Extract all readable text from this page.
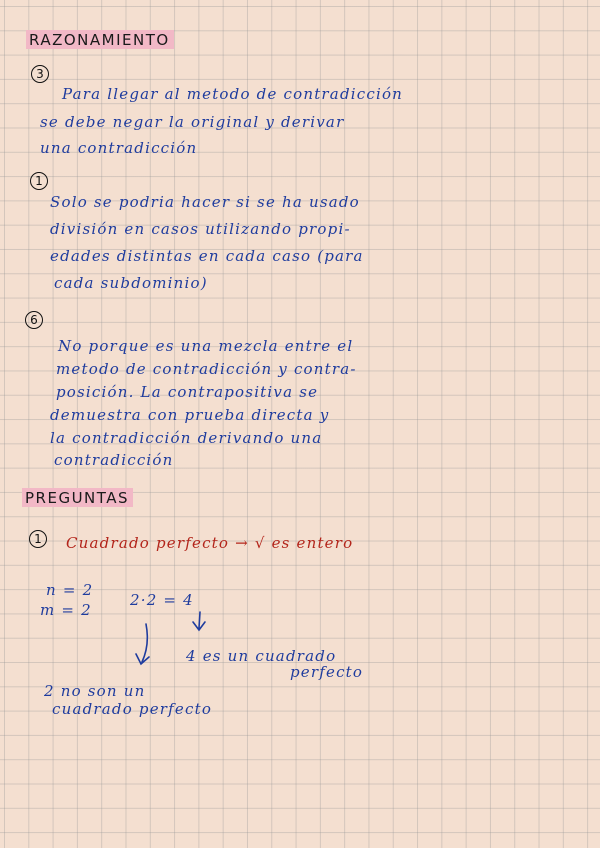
RAZONAMIENTO
3
Para llegar al metodo de contradicción
se debe negar la original y derivar
una contradicción
1
Solo se podria hacer si se ha usado
división en casos utilizando propi-
edades distintas en cada caso (para
cada subdominio)
6
No porque es una mezcla entre el
metodo de contradicción y contra-
posición. La contrapositiva se
demuestra con prueba directa y
la contradicción derivando una
contradicción
PREGUNTAS
1	Cuadrado perfecto → √ es entero
n = 2
m = 2
2·2 = 4
4 es un cuadrado
perfecto
2 no son un
cuadrado perfecto
